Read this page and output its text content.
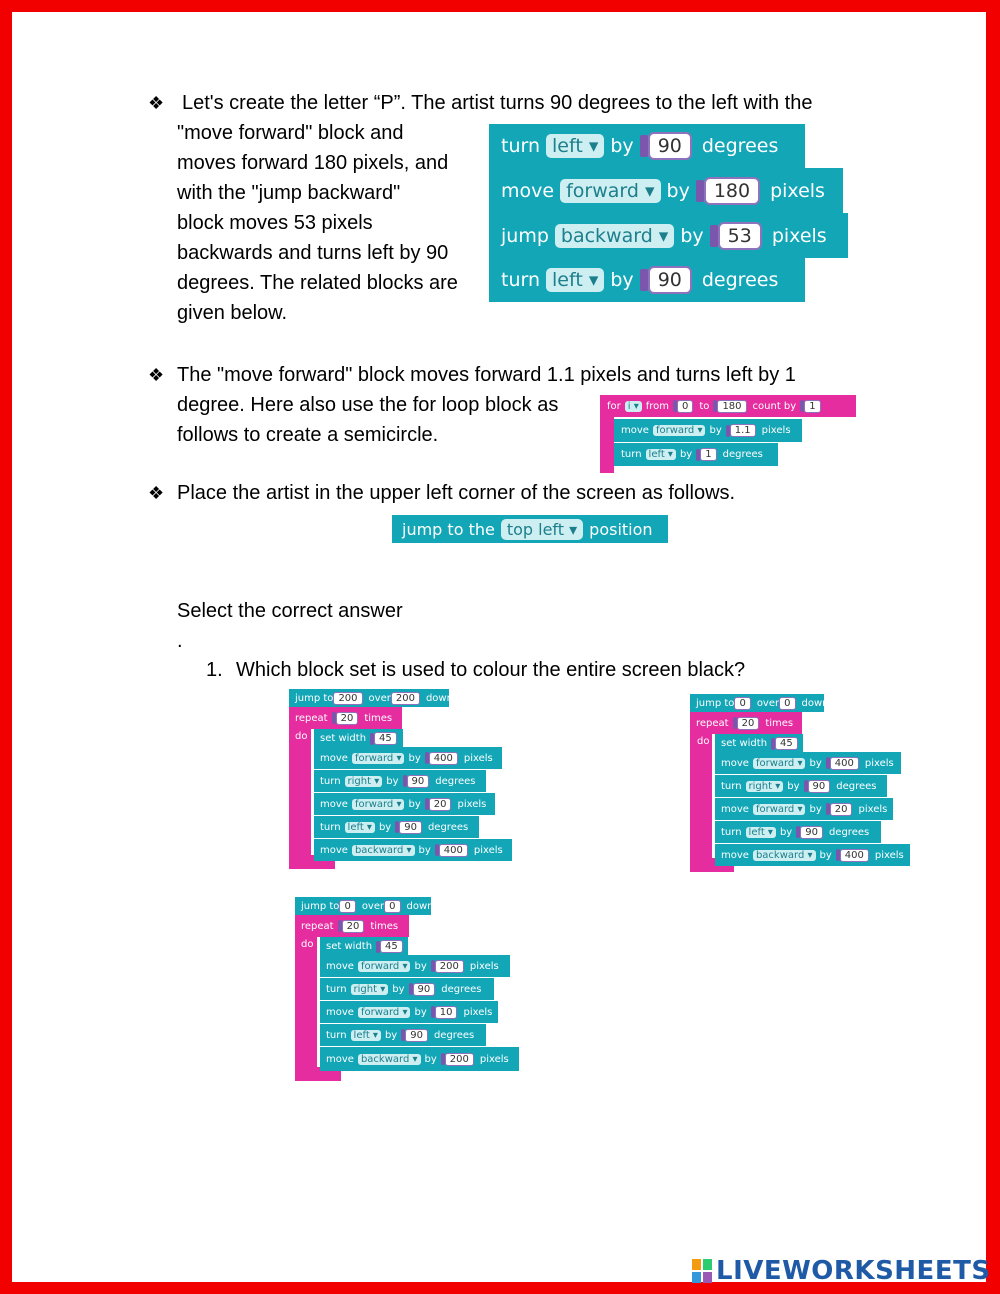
❖ Let's create the letter “P”. The artist turns 90 degrees to the left with the
"move forward" block and
moves forward 180 pixels, and
with the "jump backward"
block moves 53 pixels
backwards and turns left by 90
degrees. The related blocks are
given below.
turn left ▾ by	90	degrees
move forward ▾ by	180	pixels
jump backward ▾ by	53	pixels
turn left ▾ by	90	degrees
❖ The "move forward" block moves forward 1.1 pixels and turns left by 1
degree. Here also use the for loop block as
follows to create a semicircle.
for i ▾ from	0	to	180	count by	1
move forward ▾ by	1.1	pixels
turn left ▾ by	1	degrees
❖ Place the artist in the upper left corner of the screen as follows.
jump to the top left ▾ position
Select the correct answer
.
1. Which block set is used to colour the entire screen black?
jump to 200	over 200	down
repeat	20	times
do set width	45
move forward ▾ by	400	pixels
turn right ▾ by	90	degrees
move forward ▾ by	20	pixels
turn left ▾ by	90	degrees
move backward ▾ by	400	pixels
jump to 0	over 0	down
repeat	20	times
do set width	45
move forward ▾ by	400	pixels
turn right ▾ by	90	degrees
move forward ▾ by	20	pixels
turn left ▾ by	90	degrees
move backward ▾ by	400	pixels
jump to 0	over 0	down
repeat	20	times
do set width	45
move forward ▾ by	200	pixels
turn right ▾ by	90	degrees
move forward ▾ by	10	pixels
turn left ▾ by	90	degrees
move backward ▾ by	200	pixels
LIVEWORKSHEETS
